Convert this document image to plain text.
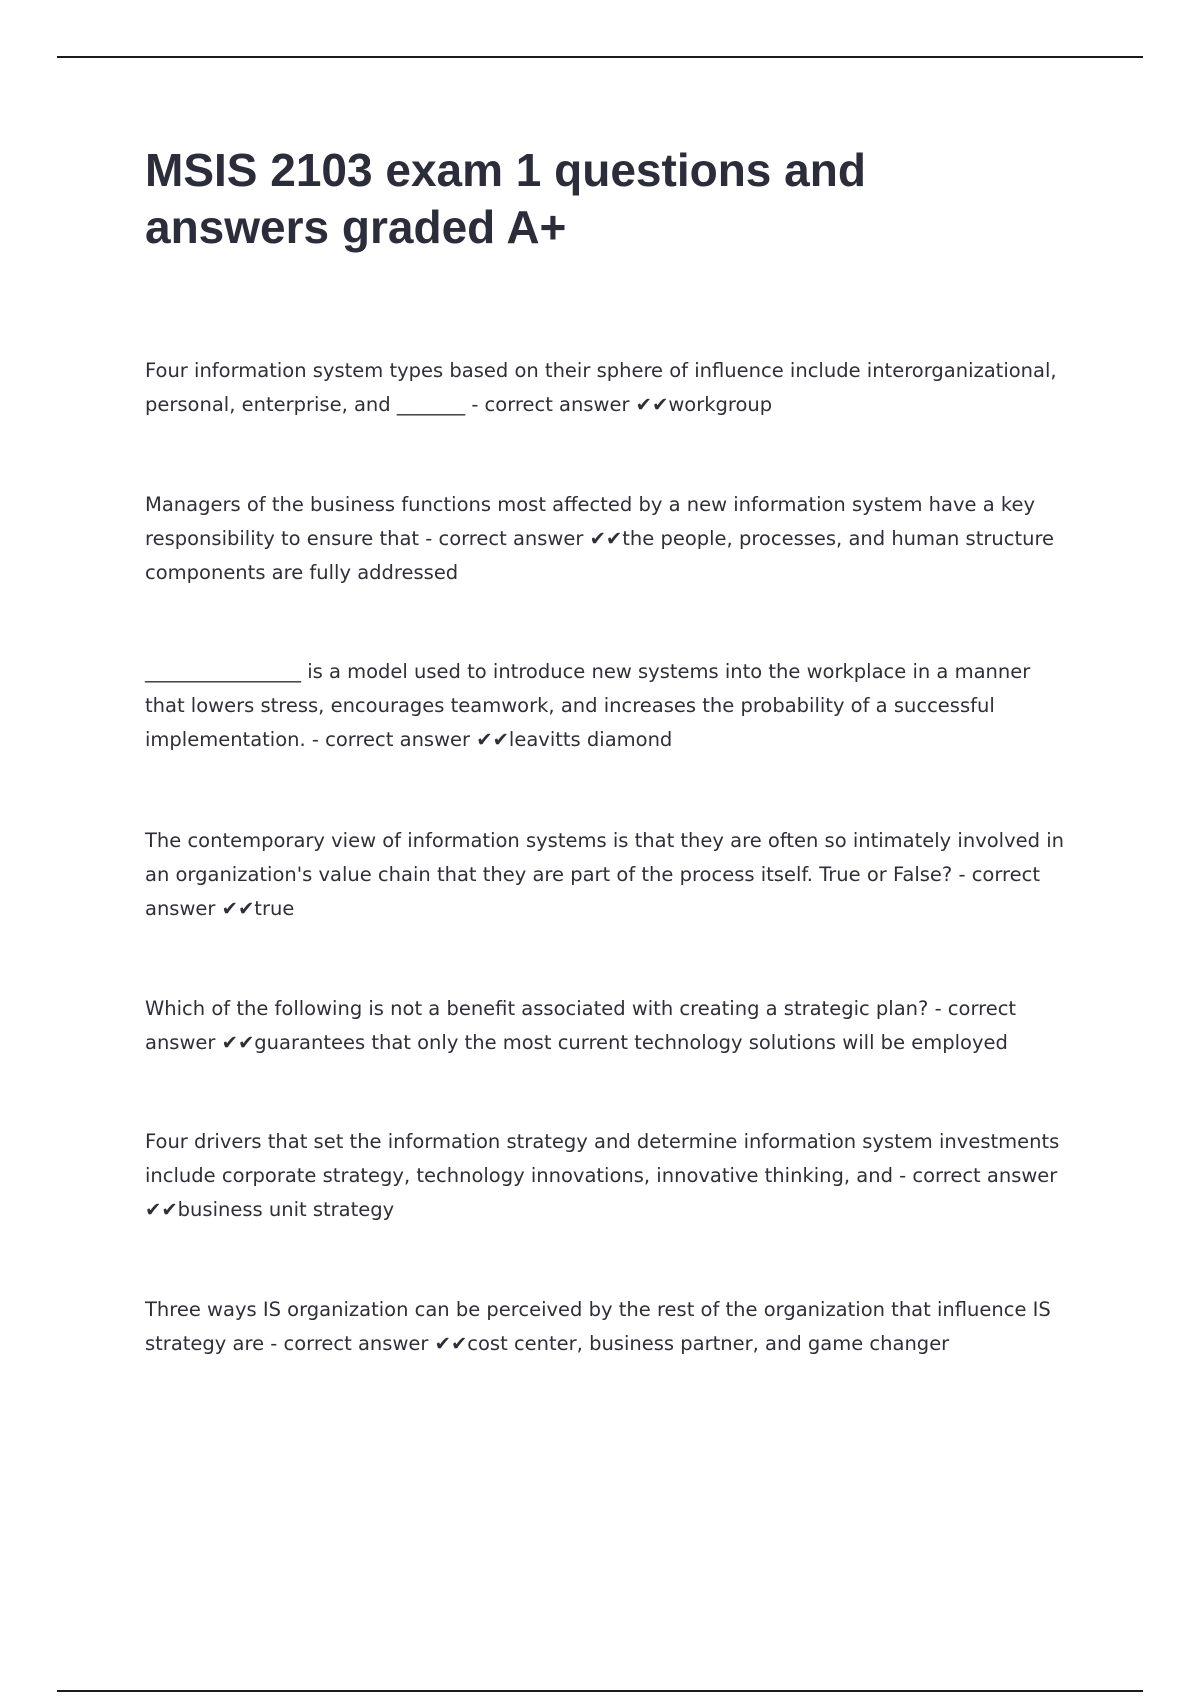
MSIS 2103 exam 1 questions and answers graded A+

Four information system types based on their sphere of influence include interorganizational, personal, enterprise, and _______ - correct answer ✔✔workgroup

Managers of the business functions most affected by a new information system have a key responsibility to ensure that - correct answer ✔✔the people, processes, and human structure components are fully addressed

________________ is a model used to introduce new systems into the workplace in a manner that lowers stress, encourages teamwork, and increases the probability of a successful implementation. - correct answer ✔✔leavitts diamond

The contemporary view of information systems is that they are often so intimately involved in an organization's value chain that they are part of the process itself. True or False? - correct answer ✔✔true

Which of the following is not a benefit associated with creating a strategic plan? - correct answer ✔✔guarantees that only the most current technology solutions will be employed

Four drivers that set the information strategy and determine information system investments include corporate strategy, technology innovations, innovative thinking, and - correct answer ✔✔business unit strategy

Three ways IS organization can be perceived by the rest of the organization that influence IS strategy are - correct answer ✔✔cost center, business partner, and game changer
